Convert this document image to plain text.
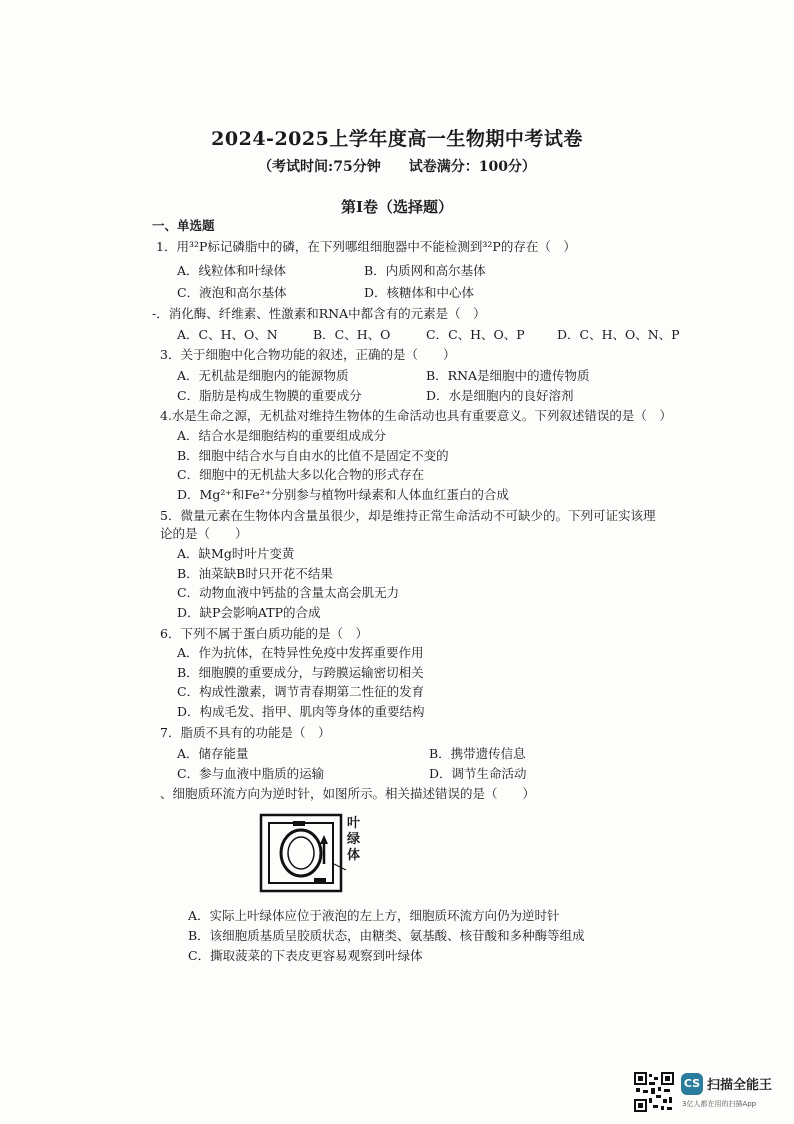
2024-2025上学年度高一生物期中考试卷
（考试时间:75分钟　　试卷满分：100分）
第Ⅰ卷（选择题）
一、单选题
1．用³²P标记磷脂中的磷，在下列哪组细胞器中不能检测到³²P的存在（　）
A．线粒体和叶绿体	B．内质网和高尔基体
C．液泡和高尔基体	D．核糖体和中心体
-．消化酶、纤维素、性激素和RNA中都含有的元素是（　）
A．C、H、O、N	B．C、H、O	C．C、H、O、P	D．C、H、O、N、P
3．关于细胞中化合物功能的叙述，正确的是（　　）
A．无机盐是细胞内的能源物质	B．RNA是细胞中的遗传物质
C．脂肪是构成生物膜的重要成分	D．水是细胞内的良好溶剂
4.水是生命之源，无机盐对维持生物体的生命活动也具有重要意义。下列叙述错误的是（　）
A．结合水是细胞结构的重要组成成分
B．细胞中结合水与自由水的比值不是固定不变的
C．细胞中的无机盐大多以化合物的形式存在
D．Mg²⁺和Fe²⁺分别参与植物叶绿素和人体血红蛋白的合成
5．微量元素在生物体内含量虽很少，却是维持正常生命活动不可缺少的。下列可证实该理
论的是（　　）
A．缺Mg时叶片变黄
B．油菜缺B时只开花不结果
C．动物血液中钙盐的含量太高会肌无力
D．缺P会影响ATP的合成
6．下列不属于蛋白质功能的是（　）
A．作为抗体，在特异性免疫中发挥重要作用
B．细胞膜的重要成分，与跨膜运输密切相关
C．构成性激素，调节青春期第二性征的发育
D．构成毛发、指甲、肌肉等身体的重要结构
7．脂质不具有的功能是（　）
A．储存能量	B．携带遗传信息
C．参与血液中脂质的运输	D．调节生命活动
、细胞质环流方向为逆时针，如图所示。相关描述错误的是（　　）
叶绿体
A．实际上叶绿体应位于液泡的左上方，细胞质环流方向仍为逆时针
B．该细胞质基质呈胶质状态，由糖类、氨基酸、核苷酸和多种酶等组成
C．撕取菠菜的下表皮更容易观察到叶绿体
CS 扫描全能王
3亿人都在用的扫描App
